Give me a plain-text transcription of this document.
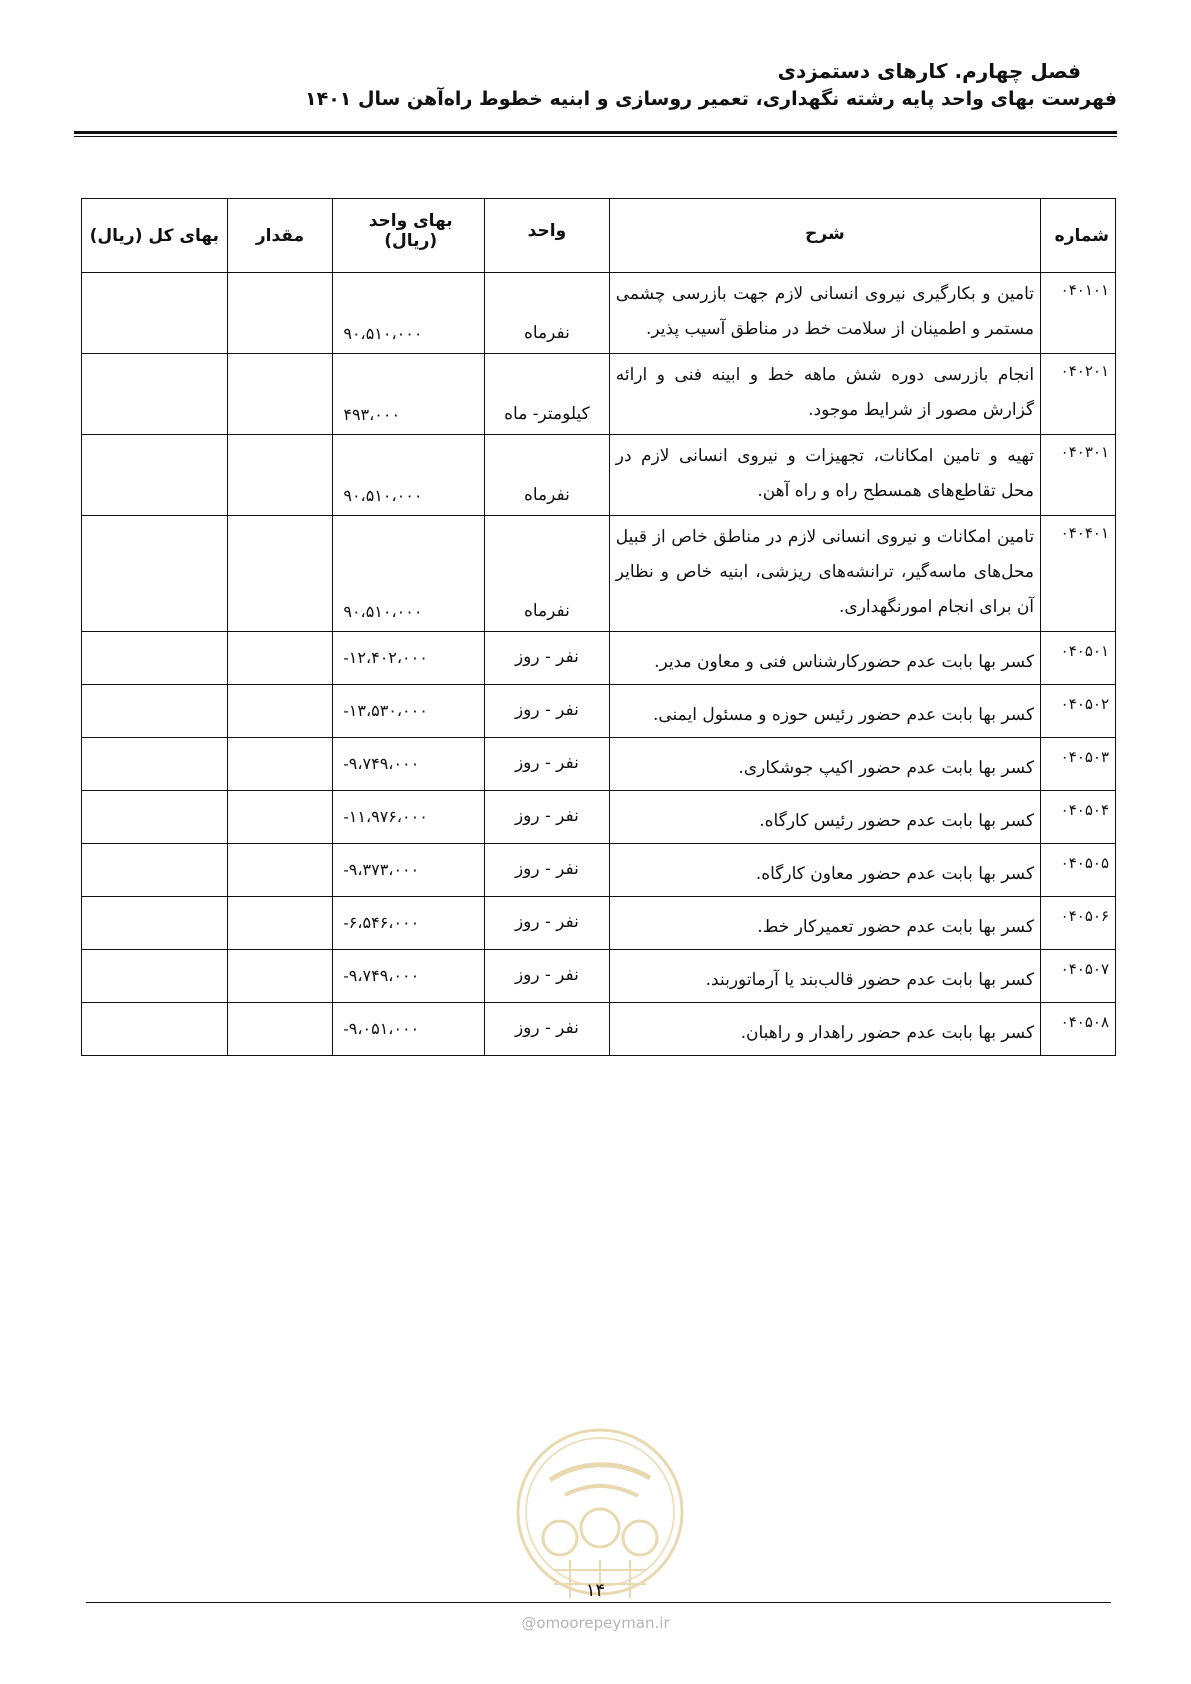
فصل چهارم. کارهای دستمزدی
فهرست بهای واحد پایه رشته نگهداری، تعمیر روسازی و ابنیه خطوط راه‌آهن سال ۱۴۰۱
شماره	شرح	واحد	بهای واحد (ریال)	مقدار	بهای کل (ریال)
۰۴۰۱۰۱	تامین و بکارگیری نیروی انسانی لازم جهت بازرسی چشمی مستمر و اطمینان از سلامت خط در مناطق آسیب پذیر.	نفرماه	۹۰،۵۱۰،۰۰۰		
۰۴۰۲۰۱	انجام بازرسی دوره شش ماهه خط و ابینه فنی و ارائه گزارش مصور از شرایط موجود.	کیلومتر- ماه	۴۹۳،۰۰۰		
۰۴۰۳۰۱	تهیه و تامین امکانات، تجهیزات و نیروی انسانی لازم در محل تقاطع‌های همسطح راه و راه آهن.	نفرماه	۹۰،۵۱۰،۰۰۰		
۰۴۰۴۰۱	تامین امکانات و نیروی انسانی لازم در مناطق خاص از قبیل محل‌های ماسه‌گیر، ترانشه‌های ریزشی، ابنیه خاص و نظایر آن برای انجام امورنگهداری.	نفرماه	۹۰،۵۱۰،۰۰۰		
۰۴۰۵۰۱	کسر بها بابت عدم حضورکارشناس فنی و معاون مدیر.	نفر - روز	-۱۲،۴۰۲،۰۰۰		
۰۴۰۵۰۲	کسر بها بابت عدم حضور رئیس حوزه و مسئول ایمنی.	نفر - روز	-۱۳،۵۳۰،۰۰۰		
۰۴۰۵۰۳	کسر بها بابت عدم حضور اکیپ جوشکاری.	نفر - روز	-۹،۷۴۹،۰۰۰		
۰۴۰۵۰۴	کسر بها بابت عدم حضور رئیس کارگاه.	نفر - روز	-۱۱،۹۷۶،۰۰۰		
۰۴۰۵۰۵	کسر بها بابت عدم حضور معاون کارگاه.	نفر - روز	-۹،۳۷۳،۰۰۰		
۰۴۰۵۰۶	کسر بها بابت عدم حضور تعمیرکار خط.	نفر - روز	-۶،۵۴۶،۰۰۰		
۰۴۰۵۰۷	کسر بها بابت عدم حضور قالب‌بند یا آرماتوربند.	نفر - روز	-۹،۷۴۹،۰۰۰		
۰۴۰۵۰۸	کسر بها بابت عدم حضور راهدار و راهبان.	نفر - روز	-۹،۰۵۱،۰۰۰		
۱۴
@omoorepeyman.ir
